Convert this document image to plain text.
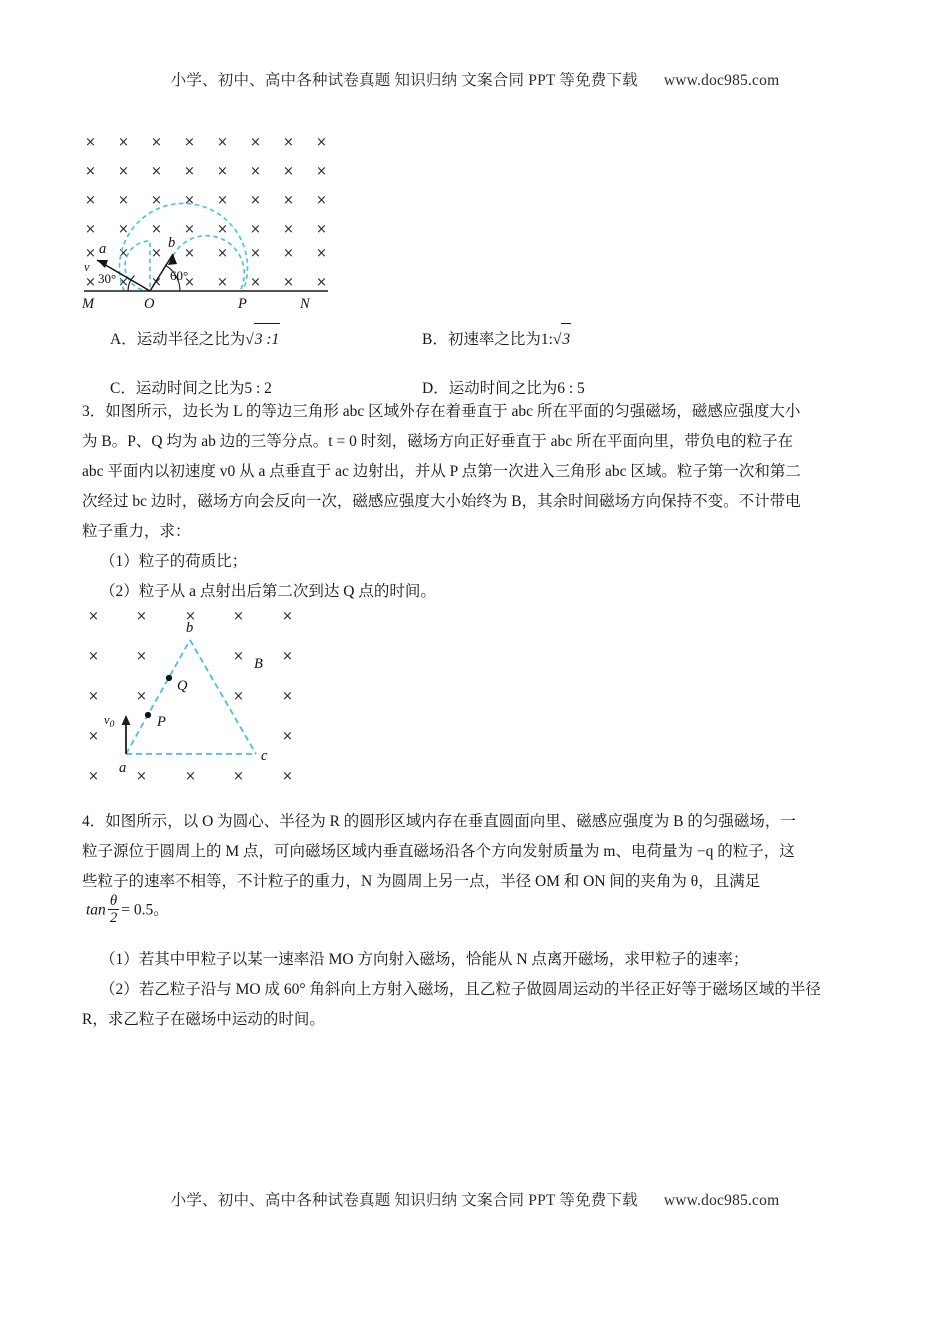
小学、初中、高中各种试卷真题 知识归纳 文案合同 PPT 等免费下载 www.doc985.com
× × × × × × × ×
× × × × × × × ×
× × × × × × × ×
× × × × × × × ×
× × × × × × × ×
× × × × × × × ×
a	b
v
30°	60°
M	O	P	N
A．运动半径之比为√3 :1	B．初速率之比为1:√3
C．运动时间之比为5 : 2	D．运动时间之比为6 : 5
3．如图所示，边长为 L 的等边三角形 abc 区域外存在着垂直于 abc 所在平面的匀强磁场，磁感应强度大小
为 B。P、Q 均为 ab 边的三等分点。t = 0 时刻，磁场方向正好垂直于 abc 所在平面向里，带负电的粒子在
abc 平面内以初速度 v0 从 a 点垂直于 ac 边射出，并从 P 点第一次进入三角形 abc 区域。粒子第一次和第二
次经过 bc 边时，磁场方向会反向一次，磁感应强度大小始终为 B，其余时间磁场方向保持不变。不计带电
粒子重力，求：
（1）粒子的荷质比；
（2）粒子从 a 点射出后第二次到达 Q 点的时间。
×	×	×	×	×
×	×	×	×
×	×	×	×
×	×
×	×	×	×	×
b
a
c
P
Q
B
$v_0$
4．如图所示，以 O 为圆心、半径为 R 的圆形区域内存在垂直圆面向里、磁感应强度为 B 的匀强磁场，一
粒子源位于圆周上的 M 点，可向磁场区域内垂直磁场沿各个方向发射质量为 m、电荷量为 −q 的粒子，这
些粒子的速率不相等，不计粒子的重力，N 为圆周上另一点，半径 OM 和 ON 间的夹角为 θ，且满足
$\tan \frac{\theta}{2} = 0.5$。
（1）若其中甲粒子以某一速率沿 MO 方向射入磁场，恰能从 N 点离开磁场，求甲粒子的速率；
（2）若乙粒子沿与 MO 成 60° 角斜向上方射入磁场，且乙粒子做圆周运动的半径正好等于磁场区域的半径
R，求乙粒子在磁场中运动的时间。
小学、初中、高中各种试卷真题 知识归纳 文案合同 PPT 等免费下载 www.doc985.com
